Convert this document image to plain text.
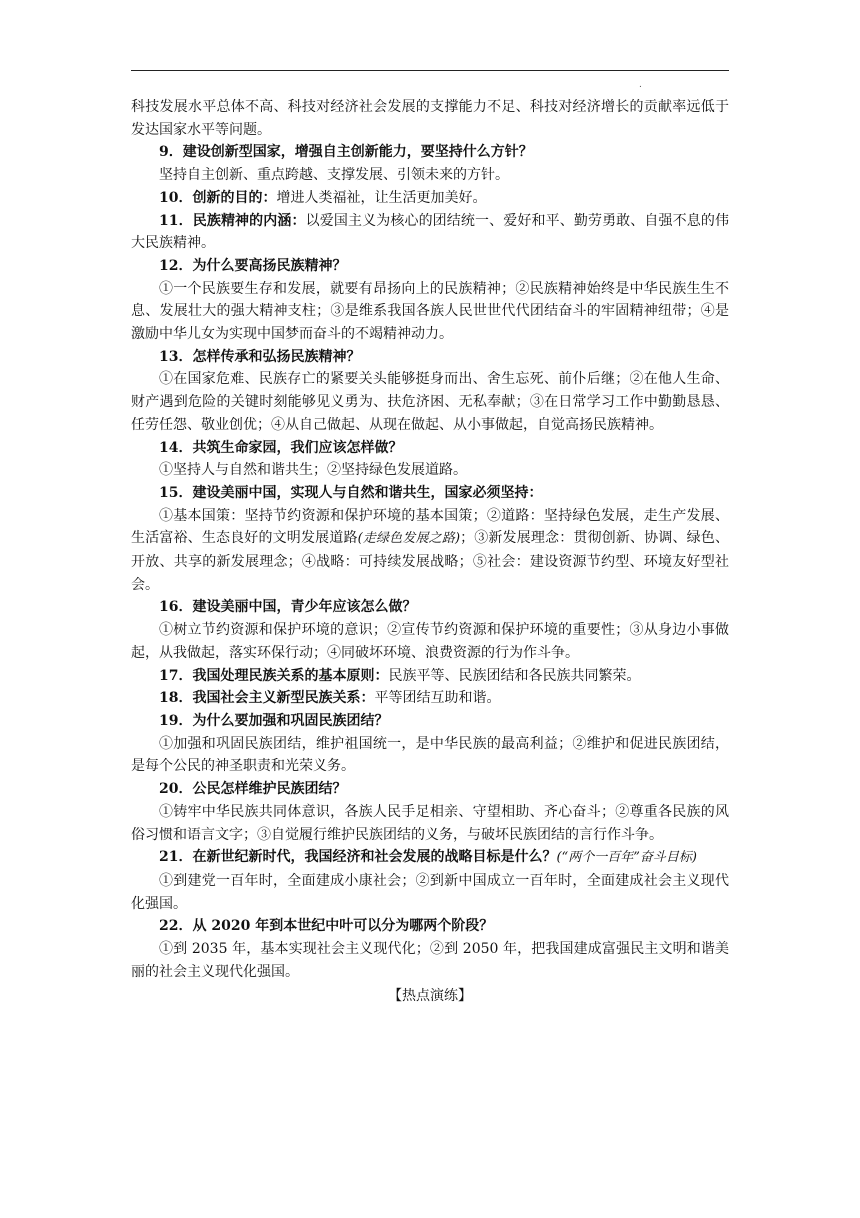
.

科技发展水平总体不高、科技对经济社会发展的支撑能力不足、科技对经济增长的贡献率远低于发达国家水平等问题。

9．建设创新型国家，增强自主创新能力，要坚持什么方针？

坚持自主创新、重点跨越、支撑发展、引领未来的方针。

10．创新的目的：增进人类福祉，让生活更加美好。

11．民族精神的内涵：以爱国主义为核心的团结统一、爱好和平、勤劳勇敢、自强不息的伟大民族精神。

12．为什么要高扬民族精神？

①一个民族要生存和发展，就要有昂扬向上的民族精神；②民族精神始终是中华民族生生不息、发展壮大的强大精神支柱；③是维系我国各族人民世世代代团结奋斗的牢固精神纽带；④是激励中华儿女为实现中国梦而奋斗的不竭精神动力。

13．怎样传承和弘扬民族精神？

①在国家危难、民族存亡的紧要关头能够挺身而出、舍生忘死、前仆后继；②在他人生命、财产遇到危险的关键时刻能够见义勇为、扶危济困、无私奉献；③在日常学习工作中勤勤恳恳、任劳任怨、敬业创优；④从自己做起、从现在做起、从小事做起，自觉高扬民族精神。

14．共筑生命家园，我们应该怎样做？

①坚持人与自然和谐共生；②坚持绿色发展道路。

15．建设美丽中国，实现人与自然和谐共生，国家必须坚持：

①基本国策：坚持节约资源和保护环境的基本国策；②道路：坚持绿色发展，走生产发展、生活富裕、生态良好的文明发展道路(走绿色发展之路)；③新发展理念：贯彻创新、协调、绿色、开放、共享的新发展理念；④战略：可持续发展战略；⑤社会：建设资源节约型、环境友好型社会。

16．建设美丽中国，青少年应该怎么做？

①树立节约资源和保护环境的意识；②宣传节约资源和保护环境的重要性；③从身边小事做起，从我做起，落实环保行动；④同破坏环境、浪费资源的行为作斗争。

17．我国处理民族关系的基本原则：民族平等、民族团结和各民族共同繁荣。

18．我国社会主义新型民族关系：平等团结互助和谐。

19．为什么要加强和巩固民族团结？

①加强和巩固民族团结，维护祖国统一，是中华民族的最高利益；②维护和促进民族团结，是每个公民的神圣职责和光荣义务。

20．公民怎样维护民族团结？

①铸牢中华民族共同体意识，各族人民手足相亲、守望相助、齐心奋斗；②尊重各民族的风俗习惯和语言文字；③自觉履行维护民族团结的义务，与破坏民族团结的言行作斗争。

21．在新世纪新时代，我国经济和社会发展的战略目标是什么？(“两个一百年”奋斗目标)

①到建党一百年时，全面建成小康社会；②到新中国成立一百年时，全面建成社会主义现代化强国。

22．从 2020 年到本世纪中叶可以分为哪两个阶段？

①到 2035 年，基本实现社会主义现代化；②到 2050 年，把我国建成富强民主文明和谐美丽的社会主义现代化强国。

【热点演练】
